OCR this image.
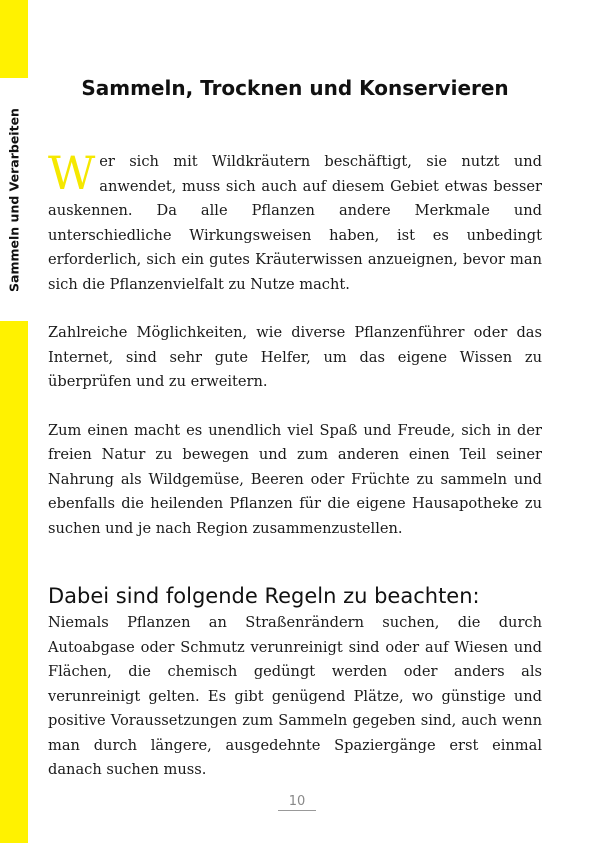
Sammeln und Verarbeiten
Sammeln, Trocknen und Konservieren

Wer sich mit Wildkräutern beschäftigt, sie nutzt und anwendet, muss sich auch auf diesem Gebiet etwas besser auskennen. Da alle Pflanzen andere Merkmale und unterschiedliche Wirkungsweisen haben, ist es unbedingt erforderlich, sich ein gutes Kräuterwissen anzueignen, bevor man sich die Pflanzenvielfalt zu Nutze macht.

Zahlreiche Möglichkeiten, wie diverse Pflanzenführer oder das Internet, sind sehr gute Helfer, um das eigene Wissen zu überprüfen und zu erweitern.

Zum einen macht es unendlich viel Spaß und Freude, sich in der freien Natur zu bewegen und zum anderen einen Teil seiner Nahrung als Wildgemüse, Beeren oder Früchte zu sammeln und ebenfalls die heilenden Pflanzen für die eigene Hausapotheke zu suchen und je nach Region zusammenzustellen.

Dabei sind folgende Regeln zu beachten:

Niemals Pflanzen an Straßenrändern suchen, die durch Autoabgase oder Schmutz verunreinigt sind oder auf Wiesen und Flächen, die chemisch gedüngt werden oder anders als verunreinigt gelten. Es gibt genügend Plätze, wo günstige und positive Voraussetzungen zum Sammeln gegeben sind, auch wenn man durch längere, ausgedehnte Spaziergänge erst einmal danach suchen muss.

10
